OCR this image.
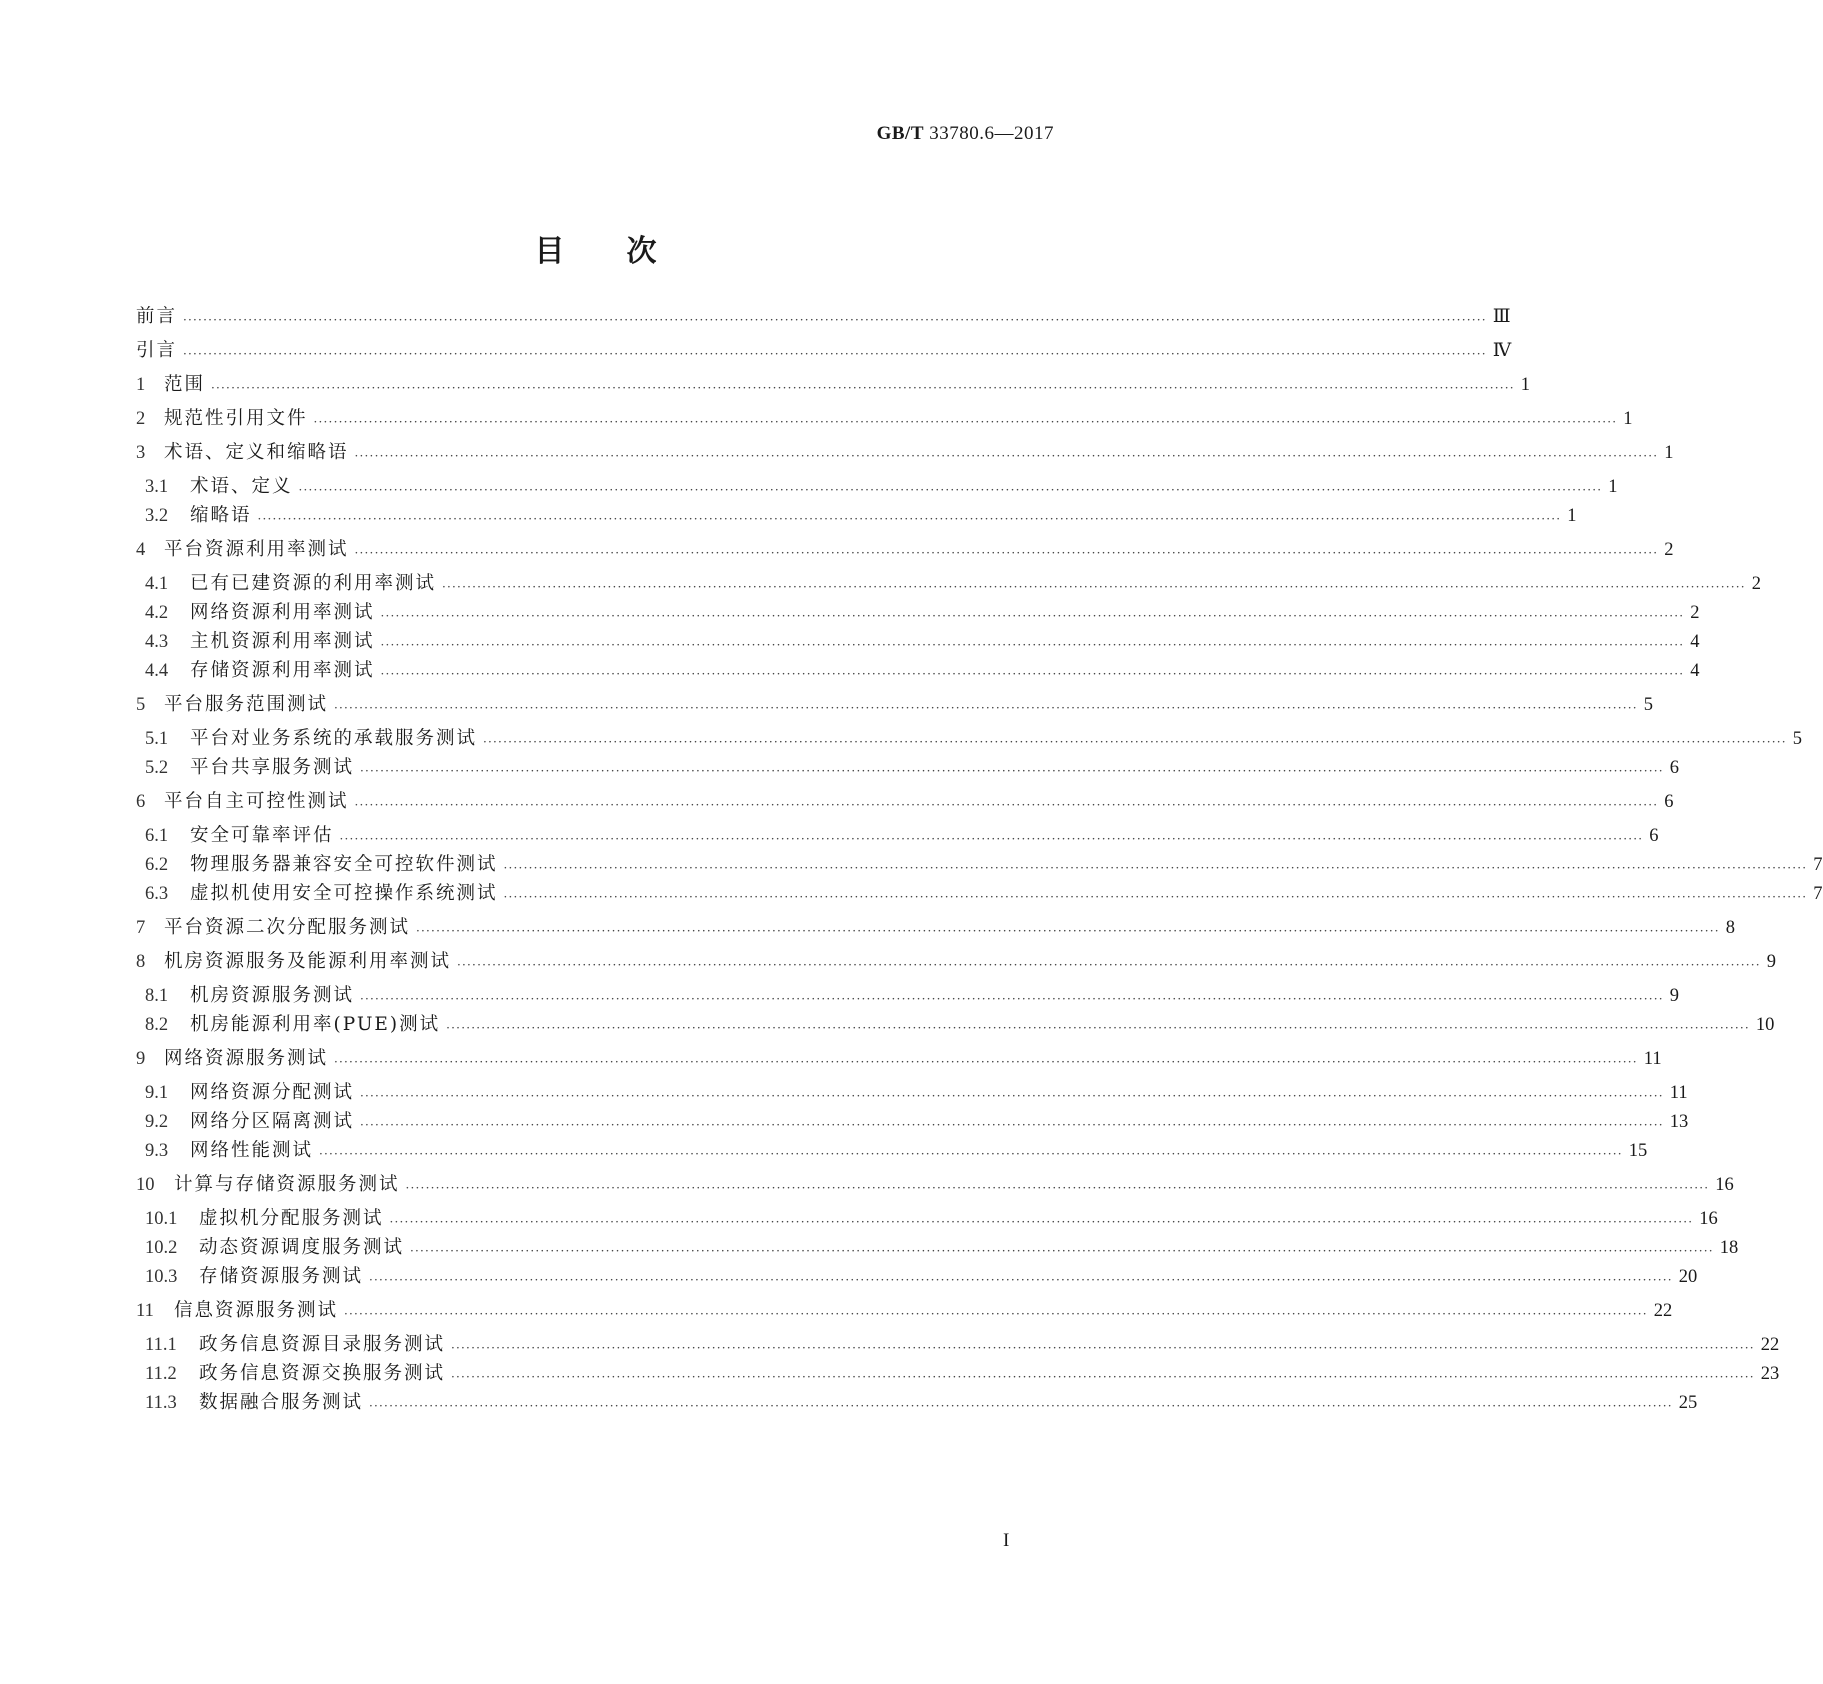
GB/T 33780.6—2017
目次
前言 ···································································································································································································································································· Ⅲ
引言 ···································································································································································································································································· Ⅳ
1	范围 ···································································································································································································································································· 1
2	规范性引用文件 ···································································································································································································································································· 1
3	术语、定义和缩略语 ···································································································································································································································································· 1
3.1	术语、定义 ···································································································································································································································································· 1
3.2	缩略语 ···································································································································································································································································· 1
4	平台资源利用率测试 ···································································································································································································································································· 2
4.1	已有已建资源的利用率测试 ···································································································································································································································································· 2
4.2	网络资源利用率测试 ···································································································································································································································································· 2
4.3	主机资源利用率测试 ···································································································································································································································································· 4
4.4	存储资源利用率测试 ···································································································································································································································································· 4
5	平台服务范围测试 ···································································································································································································································································· 5
5.1	平台对业务系统的承载服务测试 ···································································································································································································································································· 5
5.2	平台共享服务测试 ···································································································································································································································································· 6
6	平台自主可控性测试 ···································································································································································································································································· 6
6.1	安全可靠率评估 ···································································································································································································································································· 6
6.2	物理服务器兼容安全可控软件测试 ···································································································································································································································································· 7
6.3	虚拟机使用安全可控操作系统测试 ···································································································································································································································································· 7
7	平台资源二次分配服务测试 ···································································································································································································································································· 8
8	机房资源服务及能源利用率测试 ···································································································································································································································································· 9
8.1	机房资源服务测试 ···································································································································································································································································· 9
8.2	机房能源利用率(PUE)测试 ···································································································································································································································································· 10
9	网络资源服务测试 ···································································································································································································································································· 11
9.1	网络资源分配测试 ···································································································································································································································································· 11
9.2	网络分区隔离测试 ···································································································································································································································································· 13
9.3	网络性能测试 ···································································································································································································································································· 15
10	计算与存储资源服务测试 ···································································································································································································································································· 16
10.1	虚拟机分配服务测试 ···································································································································································································································································· 16
10.2	动态资源调度服务测试 ···································································································································································································································································· 18
10.3	存储资源服务测试 ···································································································································································································································································· 20
11	信息资源服务测试 ···································································································································································································································································· 22
11.1	政务信息资源目录服务测试 ···································································································································································································································································· 22
11.2	政务信息资源交换服务测试 ···································································································································································································································································· 23
11.3	数据融合服务测试 ···································································································································································································································································· 25
I
